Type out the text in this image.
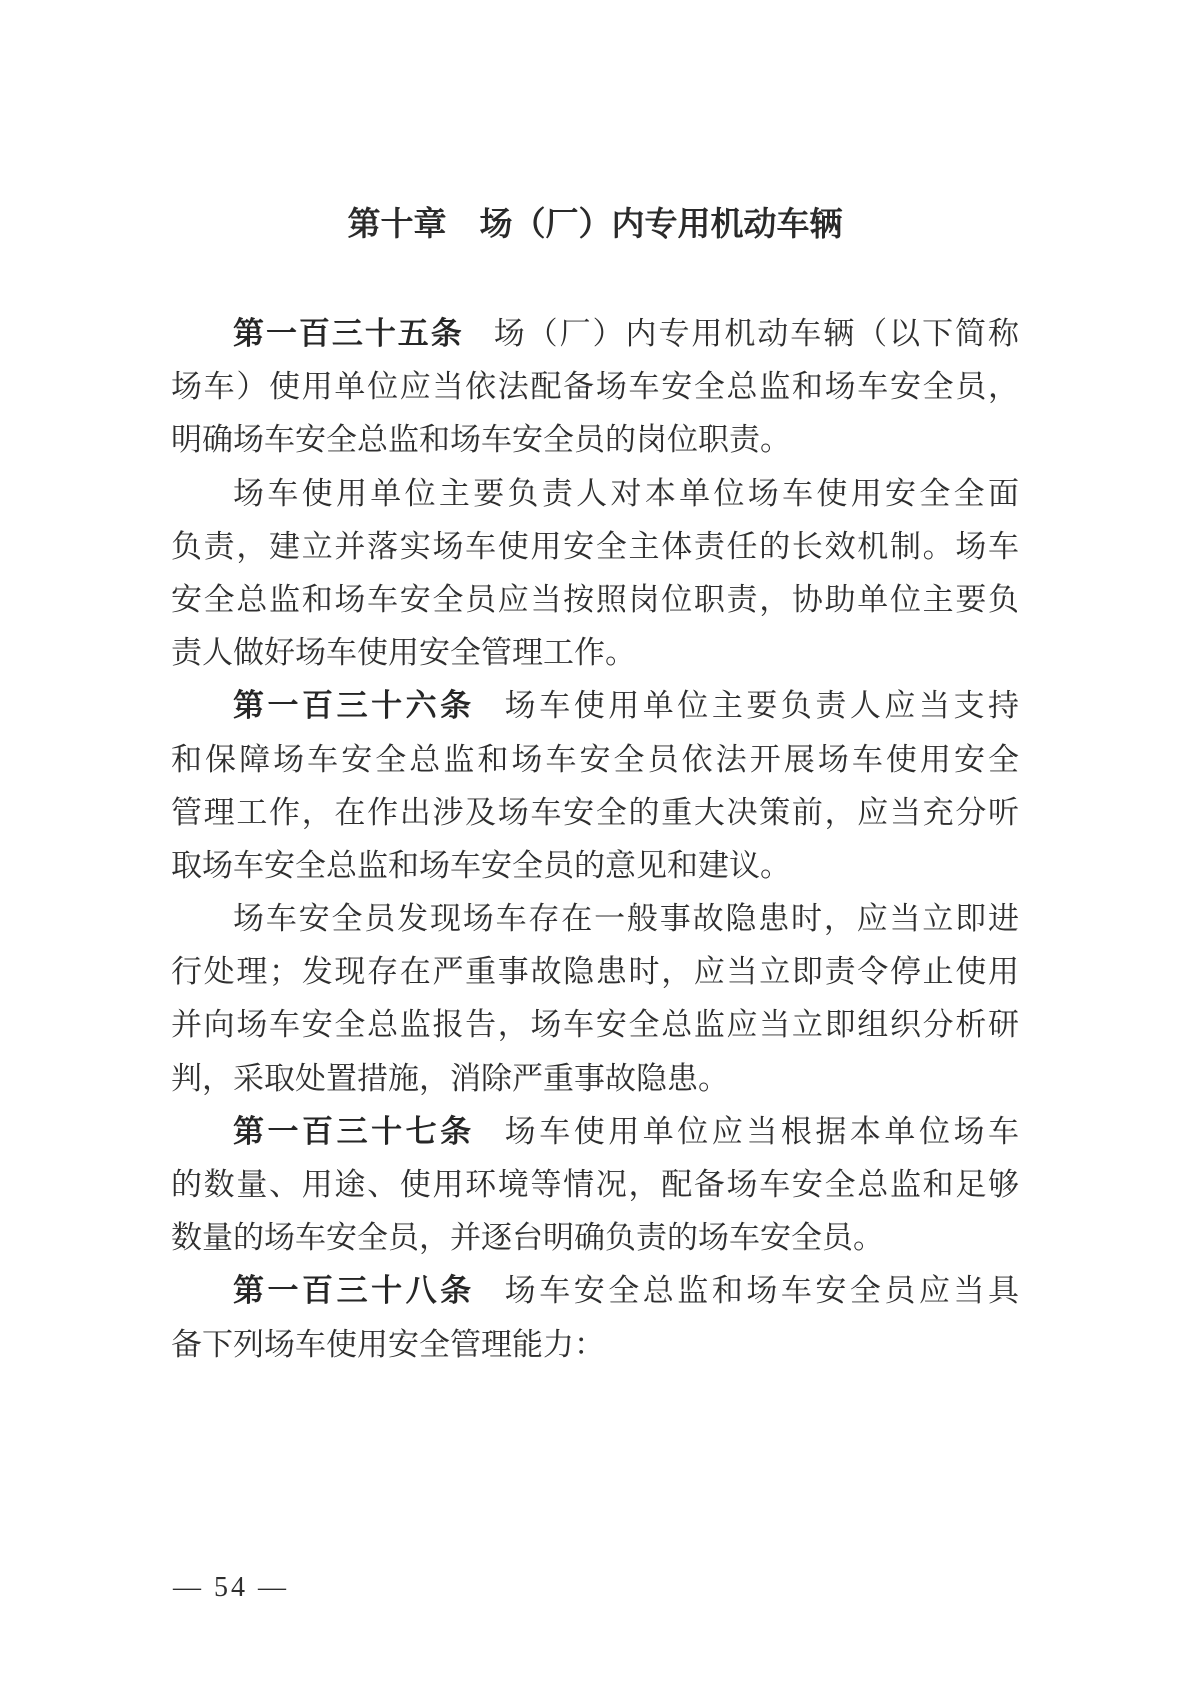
第十章　场（厂）内专用机动车辆
第一百三十五条 场（厂）内专用机动车辆（以下简称
场车）使用单位应当依法配备场车安全总监和场车安全员，
明确场车安全总监和场车安全员的岗位职责。
场车使用单位主要负责人对本单位场车使用安全全面
负责，建立并落实场车使用安全主体责任的长效机制。场车
安全总监和场车安全员应当按照岗位职责，协助单位主要负
责人做好场车使用安全管理工作。
第一百三十六条 场车使用单位主要负责人应当支持
和保障场车安全总监和场车安全员依法开展场车使用安全
管理工作，在作出涉及场车安全的重大决策前，应当充分听
取场车安全总监和场车安全员的意见和建议。
场车安全员发现场车存在一般事故隐患时，应当立即进
行处理；发现存在严重事故隐患时，应当立即责令停止使用
并向场车安全总监报告，场车安全总监应当立即组织分析研
判，采取处置措施，消除严重事故隐患。
第一百三十七条 场车使用单位应当根据本单位场车
的数量、用途、使用环境等情况，配备场车安全总监和足够
数量的场车安全员，并逐台明确负责的场车安全员。
第一百三十八条 场车安全总监和场车安全员应当具
备下列场车使用安全管理能力：
— 54 —
